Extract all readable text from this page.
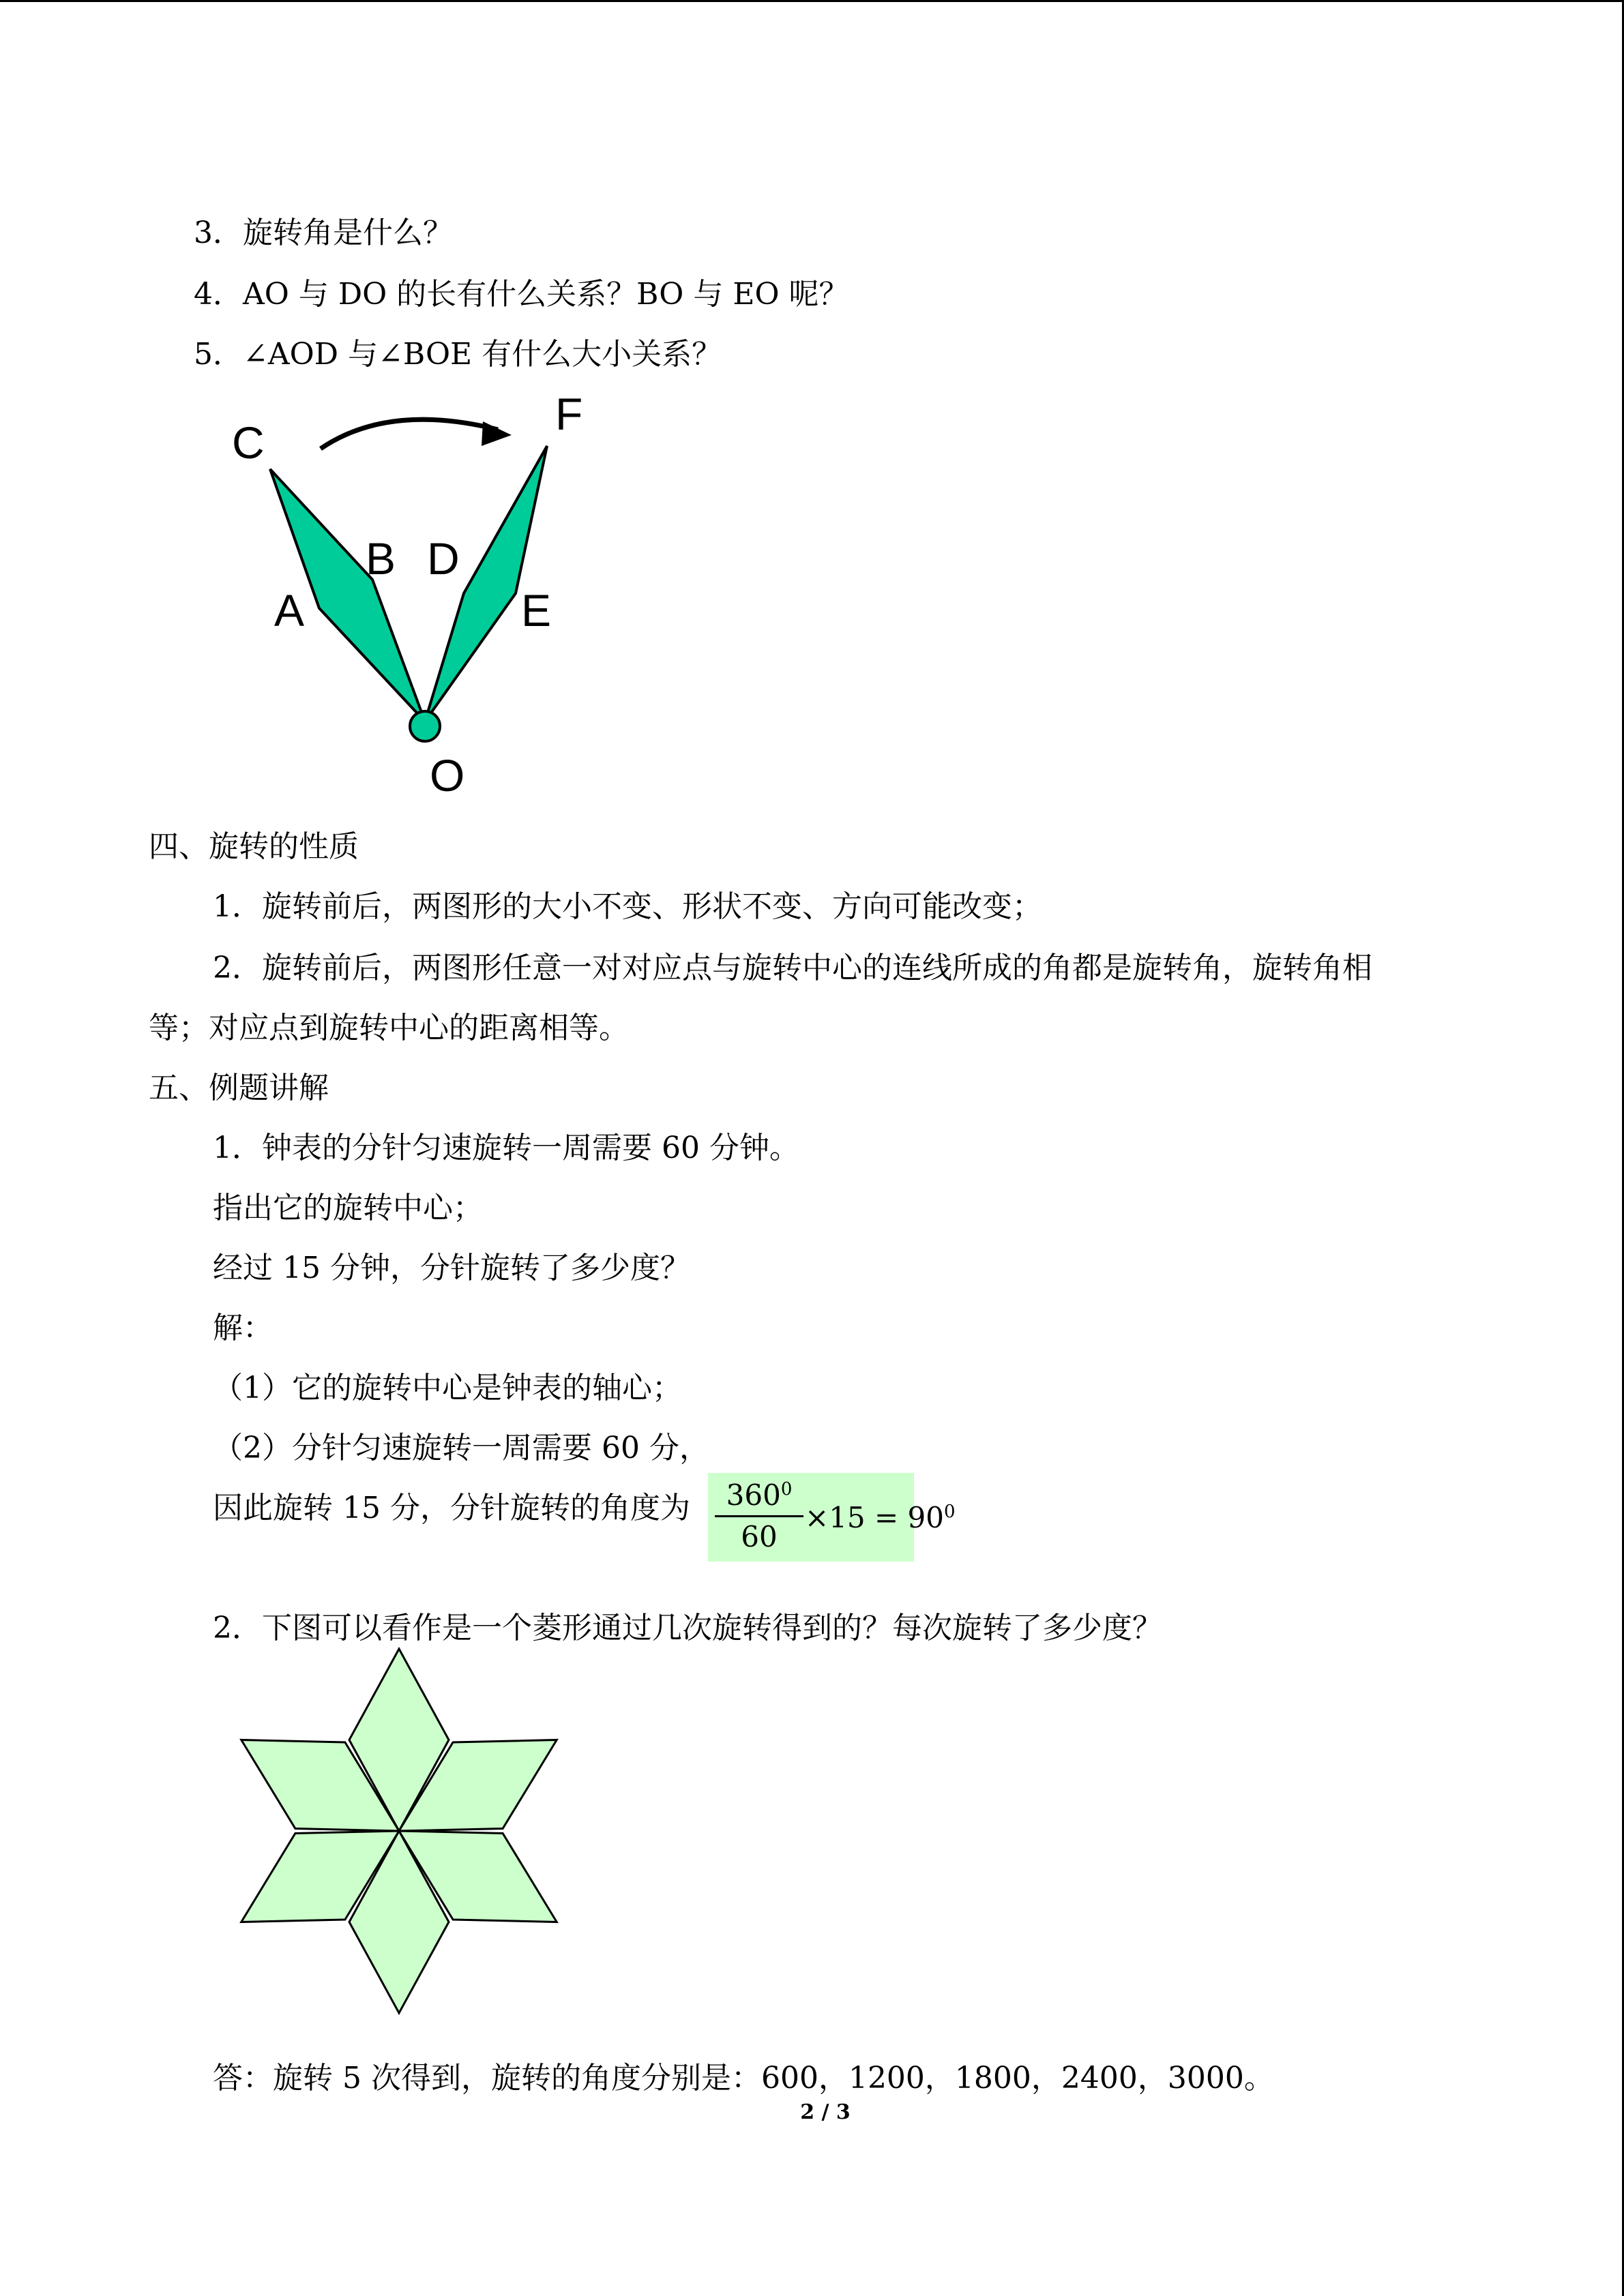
3．旋转角是什么？
4．AO 与 DO 的长有什么关系？BO 与 EO 呢？
5．∠AOD 与∠BOE 有什么大小关系？
C
F
B D
A	E
O
四、旋转的性质
1．旋转前后，两图形的大小不变、形状不变、方向可能改变；
2．旋转前后，两图形任意一对对应点与旋转中心的连线所成的角都是旋转角，旋转角相
等；对应点到旋转中心的距离相等。
五、例题讲解
1．钟表的分针匀速旋转一周需要 60 分钟。
指出它的旋转中心；
经过 15 分钟，分针旋转了多少度？
解：
（1）它的旋转中心是钟表的轴心；
（2）分针匀速旋转一周需要 60 分，
因此旋转 15 分，分针旋转的角度为	$360^0$
60
$\times 15 = 90^0$
2．下图可以看作是一个菱形通过几次旋转得到的？每次旋转了多少度？
答：旋转 5 次得到，旋转的角度分别是：600，1200，1800，2400，3000。
2 / 3
